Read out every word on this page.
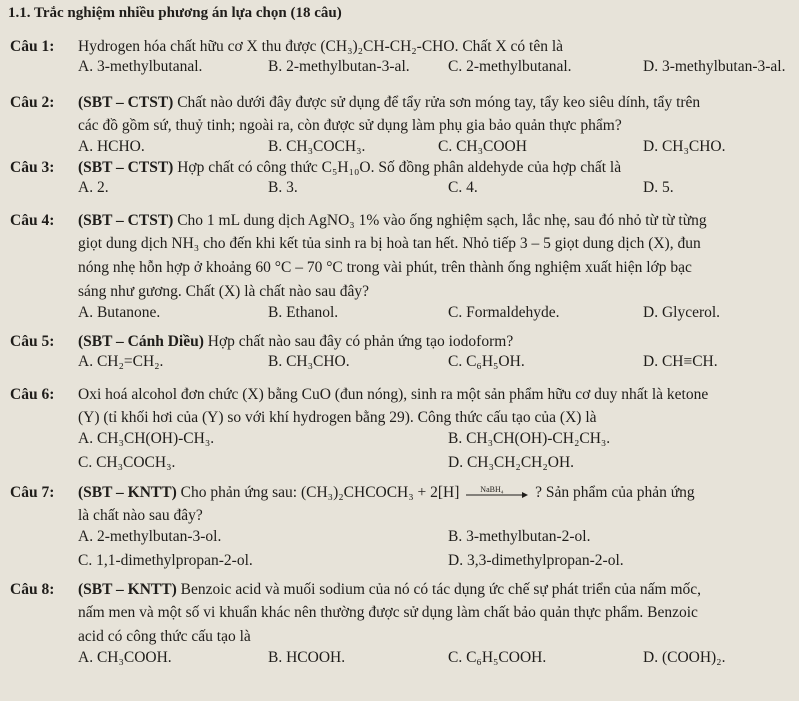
1.1. Trắc nghiệm nhiều phương án lựa chọn (18 câu)
Câu 1: Hydrogen hóa chất hữu cơ X thu được (CH₃)₂CH-CH₂-CHO. Chất X có tên là
A. 3-methylbutanal.	B. 2-methylbutan-3-al. C. 2-methylbutanal.	D. 3-methylbutan-3-al.
Câu 2: (SBT – CTST) Chất nào dưới đây được sử dụng để tẩy rửa sơn móng tay, tẩy keo siêu dính, tẩy trên
các đồ gồm sứ, thuỷ tinh; ngoài ra, còn được sử dụng làm phụ gia bảo quản thực phẩm?
A. HCHO.	B. CH₃COCH₃.	C. CH₃COOH	D. CH₃CHO.
Câu 3: (SBT – CTST) Hợp chất có công thức C₅H₁₀O. Số đồng phân aldehyde của hợp chất là
A. 2.	B. 3.	C. 4.	D. 5.
Câu 4: (SBT – CTST) Cho 1 mL dung dịch AgNO₃ 1% vào ống nghiệm sạch, lắc nhẹ, sau đó nhỏ từ từ từng
giọt dung dịch NH₃ cho đến khi kết tủa sinh ra bị hoà tan hết. Nhỏ tiếp 3 – 5 giọt dung dịch (X), đun
nóng nhẹ hỗn hợp ở khoảng 60 °C – 70 °C trong vài phút, trên thành ống nghiệm xuất hiện lớp bạc
sáng như gương. Chất (X) là chất nào sau đây?
A. Butanone.	B. Ethanol.	C. Formaldehyde.	D. Glycerol.
Câu 5: (SBT – Cánh Diều) Hợp chất nào sau đây có phản ứng tạo iodoform?
A. CH₂=CH₂.	B. CH₃CHO.	C. C₆H₅OH.	D. CH≡CH.
Câu 6: Oxi hoá alcohol đơn chức (X) bằng CuO (đun nóng), sinh ra một sản phẩm hữu cơ duy nhất là ketone
(Y) (tỉ khối hơi của (Y) so với khí hydrogen bằng 29). Công thức cấu tạo của (X) là
A. CH₃CH(OH)-CH₃.	B. CH₃CH(OH)-CH₂CH₃.
C. CH₃COCH₃.	D. CH₃CH₂CH₂OH.
Câu 7: (SBT – KNTT) Cho phản ứng sau: (CH₃)₂CHCOCH₃ + 2[H]	NaBH₄ ? Sản phẩm của phản ứng
là chất nào sau đây?
A. 2-methylbutan-3-ol.	B. 3-methylbutan-2-ol.
C. 1,1-dimethylpropan-2-ol.	D. 3,3-dimethylpropan-2-ol.
Câu 8: (SBT – KNTT) Benzoic acid và muối sodium của nó có tác dụng ức chế sự phát triển của nấm mốc,
nấm men và một số vi khuẩn khác nên thường được sử dụng làm chất bảo quản thực phẩm. Benzoic
acid có công thức cấu tạo là
A. CH₃COOH.	B. HCOOH.	C. C₆H₅COOH.	D. (COOH)₂.
